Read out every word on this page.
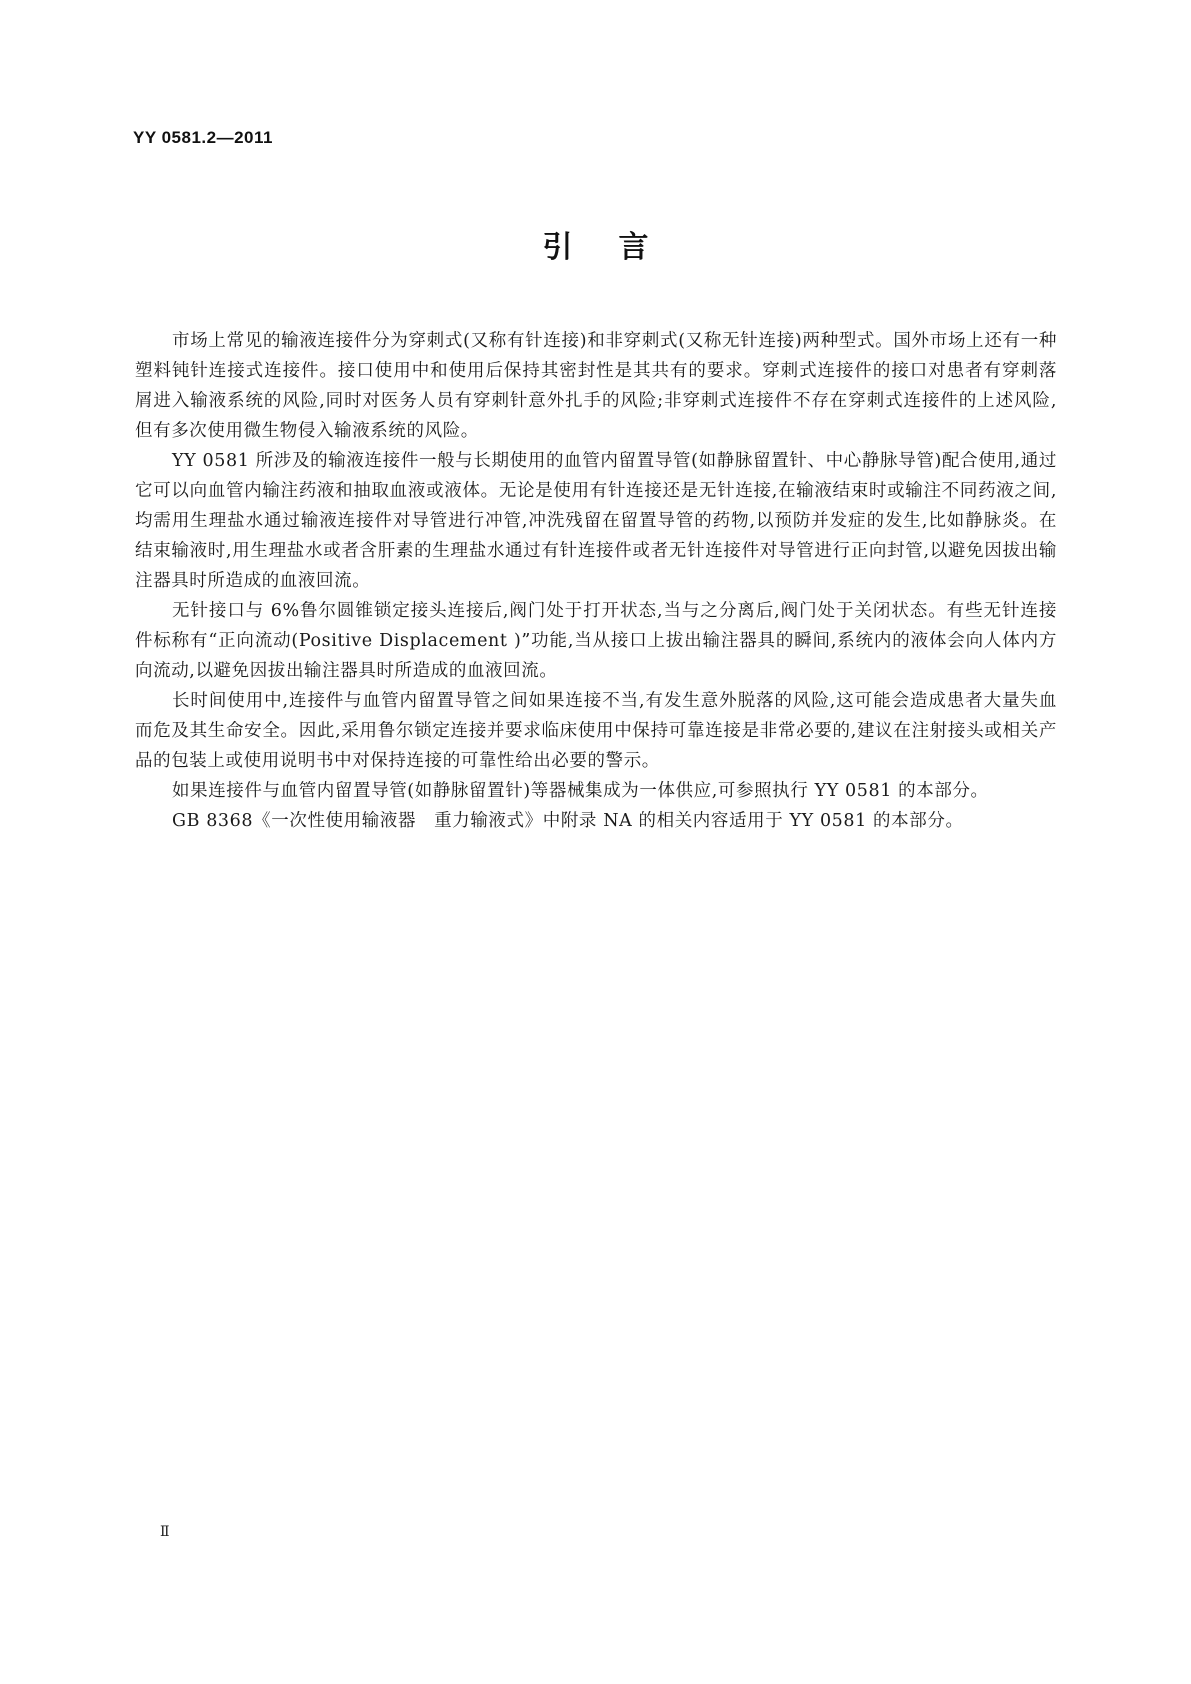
YY 0581.2—2011
引言

市场上常见的输液连接件分为穿刺式(又称有针连接)和非穿刺式(又称无针连接)两种型式。国外市场上还有一种塑料钝针连接式连接件。接口使用中和使用后保持其密封性是其共有的要求。穿刺式连接件的接口对患者有穿刺落屑进入输液系统的风险,同时对医务人员有穿刺针意外扎手的风险;非穿刺式连接件不存在穿刺式连接件的上述风险,但有多次使用微生物侵入输液系统的风险。

YY 0581 所涉及的输液连接件一般与长期使用的血管内留置导管(如静脉留置针、中心静脉导管)配合使用,通过它可以向血管内输注药液和抽取血液或液体。无论是使用有针连接还是无针连接,在输液结束时或输注不同药液之间,均需用生理盐水通过输液连接件对导管进行冲管,冲洗残留在留置导管的药物,以预防并发症的发生,比如静脉炎。在结束输液时,用生理盐水或者含肝素的生理盐水通过有针连接件或者无针连接件对导管进行正向封管,以避免因拔出输注器具时所造成的血液回流。

无针接口与 6%鲁尔圆锥锁定接头连接后,阀门处于打开状态,当与之分离后,阀门处于关闭状态。有些无针连接件标称有“正向流动(Positive Displacement )”功能,当从接口上拔出输注器具的瞬间,系统内的液体会向人体内方向流动,以避免因拔出输注器具时所造成的血液回流。

长时间使用中,连接件与血管内留置导管之间如果连接不当,有发生意外脱落的风险,这可能会造成患者大量失血而危及其生命安全。因此,采用鲁尔锁定连接并要求临床使用中保持可靠连接是非常必要的,建议在注射接头或相关产品的包装上或使用说明书中对保持连接的可靠性给出必要的警示。

如果连接件与血管内留置导管(如静脉留置针)等器械集成为一体供应,可参照执行 YY 0581 的本部分。

GB 8368《一次性使用输液器　重力输液式》中附录 NA 的相关内容适用于 YY 0581 的本部分。

Ⅱ
